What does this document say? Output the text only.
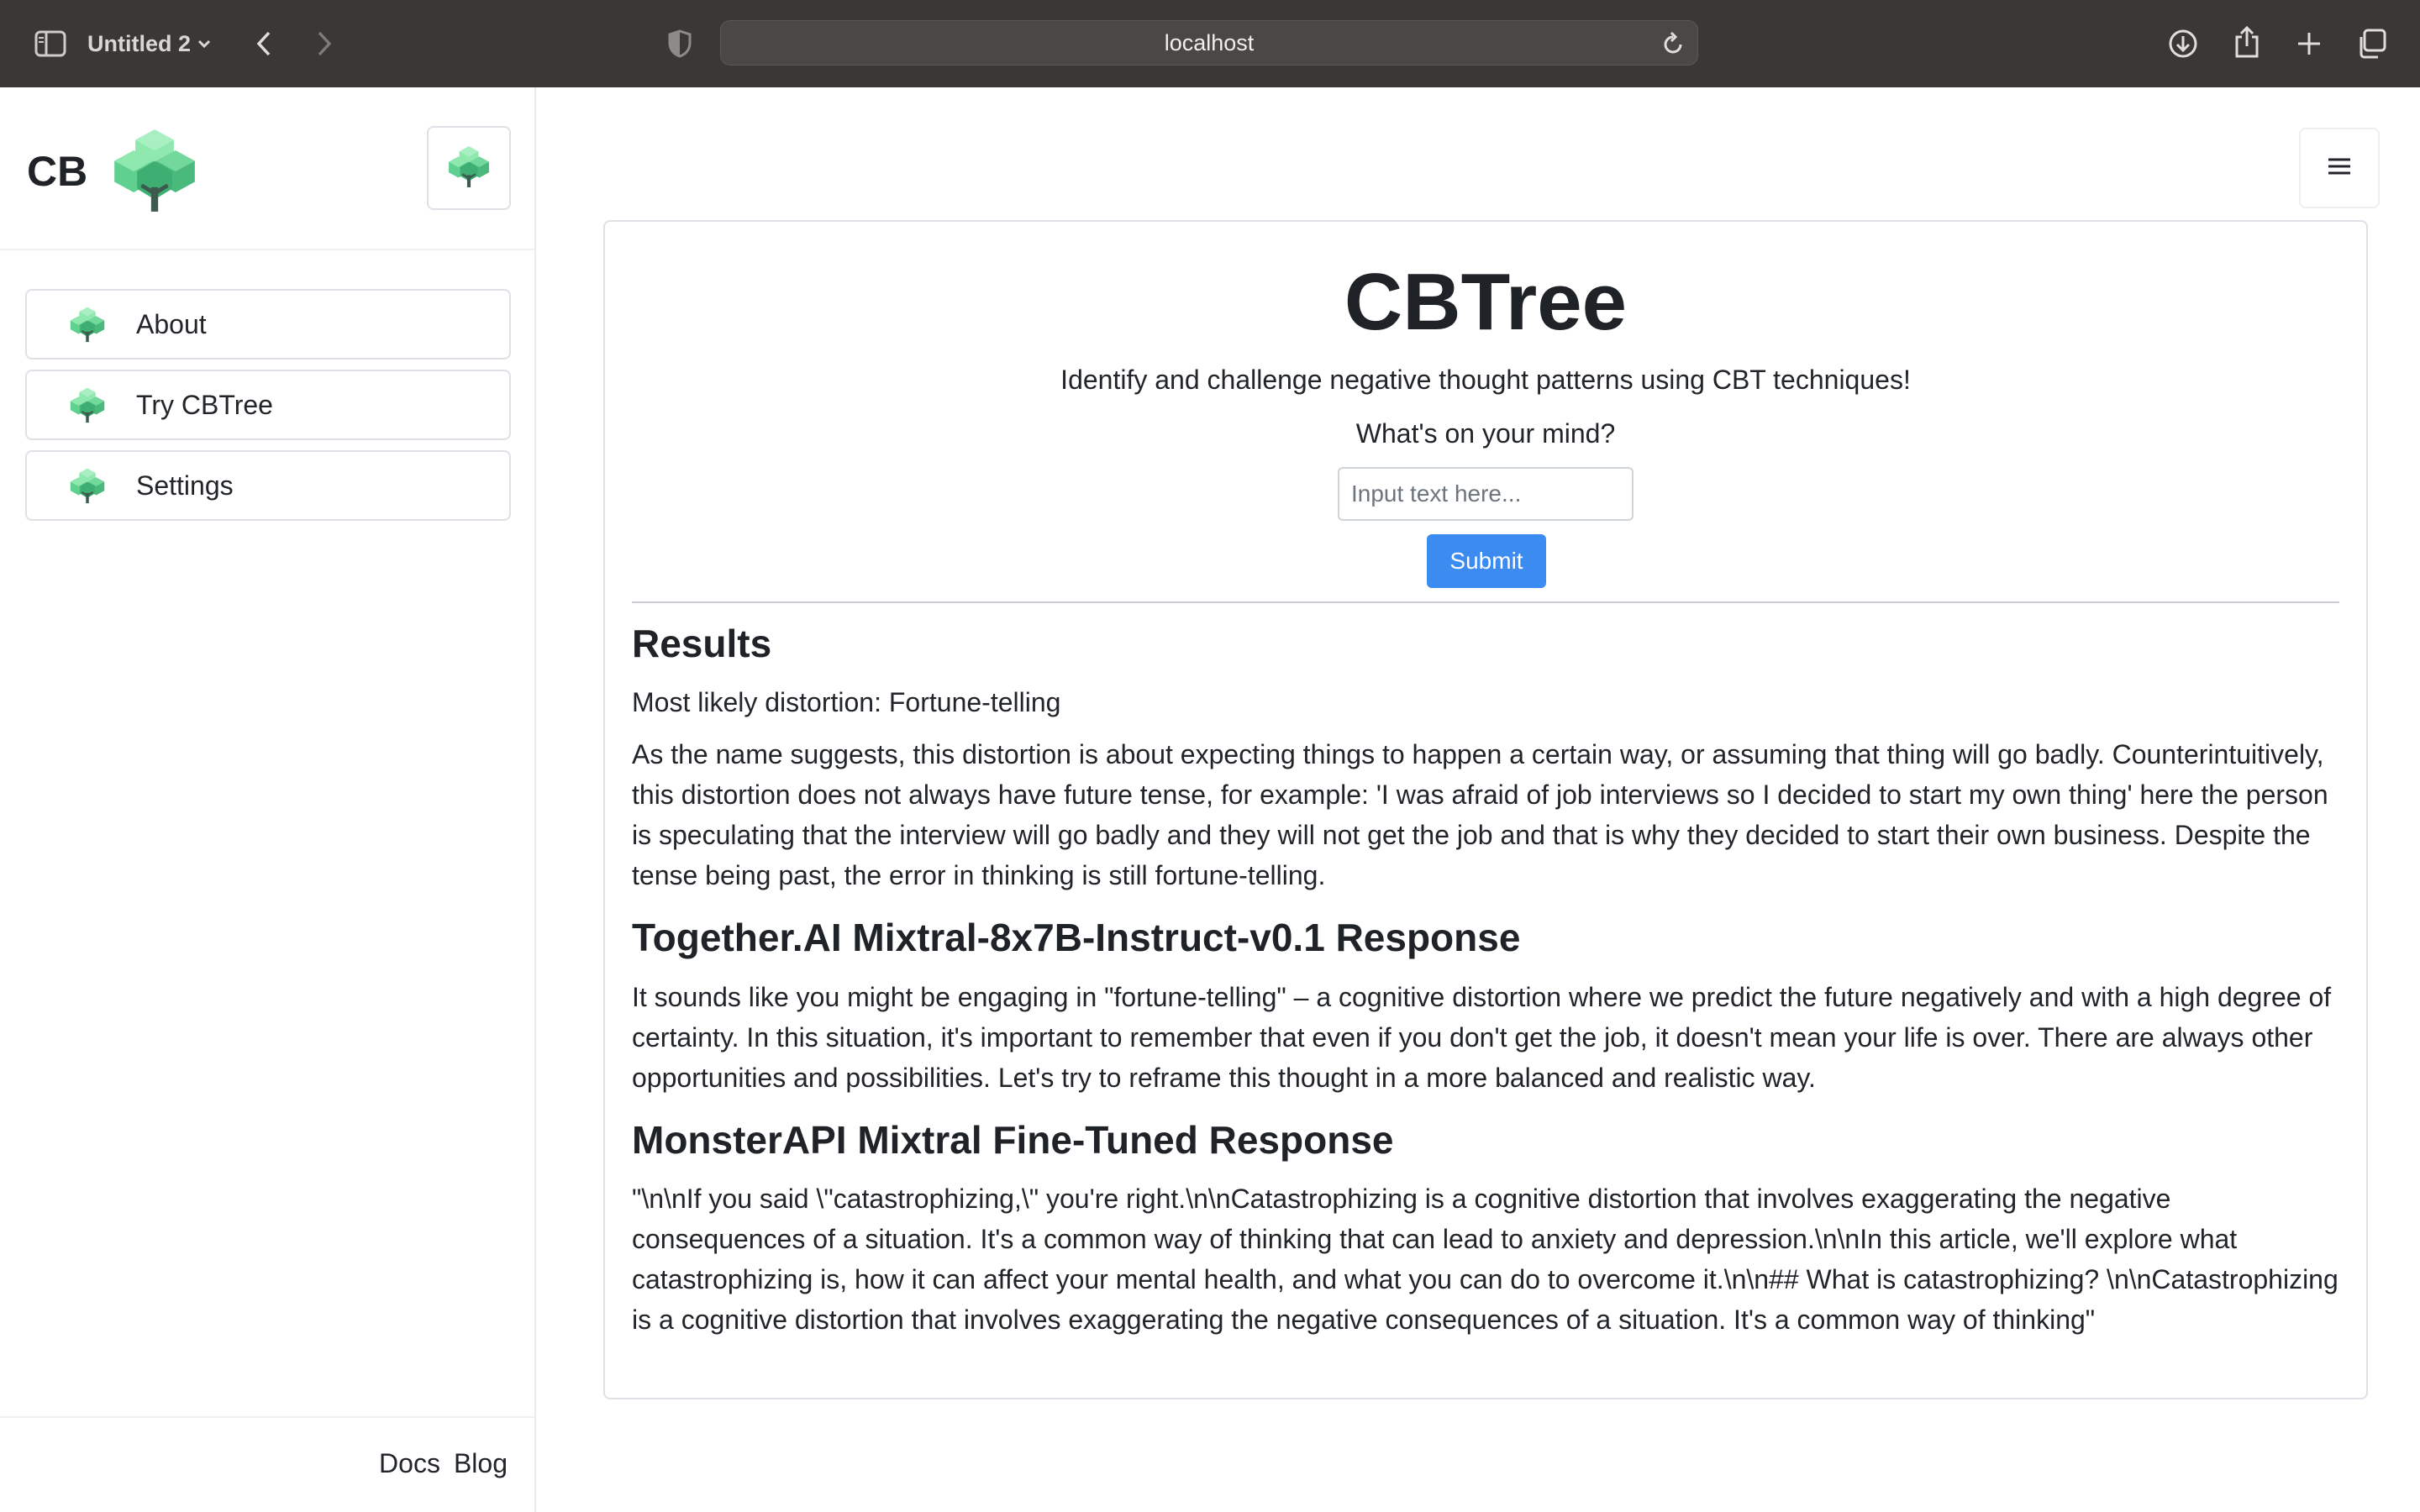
Untitled 2	localhost
CB
About
Try CBTree
Settings
Docs Blog
CBTree
Identify and challenge negative thought patterns using CBT techniques!
What's on your mind?
Input text here...
Submit
Results

Most likely distortion: Fortune-telling

As the name suggests, this distortion is about expecting things to happen a certain way, or assuming that thing will go badly. Counterintuitively, this distortion does not always have future tense, for example: 'I was afraid of job interviews so I decided to start my own thing' here the person is speculating that the interview will go badly and they will not get the job and that is why they decided to start their own business. Despite the tense being past, the error in thinking is still fortune-telling.

Together.AI Mixtral-8x7B-Instruct-v0.1 Response

It sounds like you might be engaging in "fortune-telling" – a cognitive distortion where we predict the future negatively and with a high degree of certainty. In this situation, it's important to remember that even if you don't get the job, it doesn't mean your life is over. There are always other opportunities and possibilities. Let's try to reframe this thought in a more balanced and realistic way.

MonsterAPI Mixtral Fine-Tuned Response

"\n\nIf you said \"catastrophizing,\" you're right.\n\nCatastrophizing is a cognitive distortion that involves exaggerating the negative consequences of a situation. It's a common way of thinking that can lead to anxiety and depression.\n\nIn this article, we'll explore what catastrophizing is, how it can affect your mental health, and what you can do to overcome it.\n\n## What is catastrophizing? \n\nCatastrophizing is a cognitive distortion that involves exaggerating the negative consequences of a situation. It's a common way of thinking"
